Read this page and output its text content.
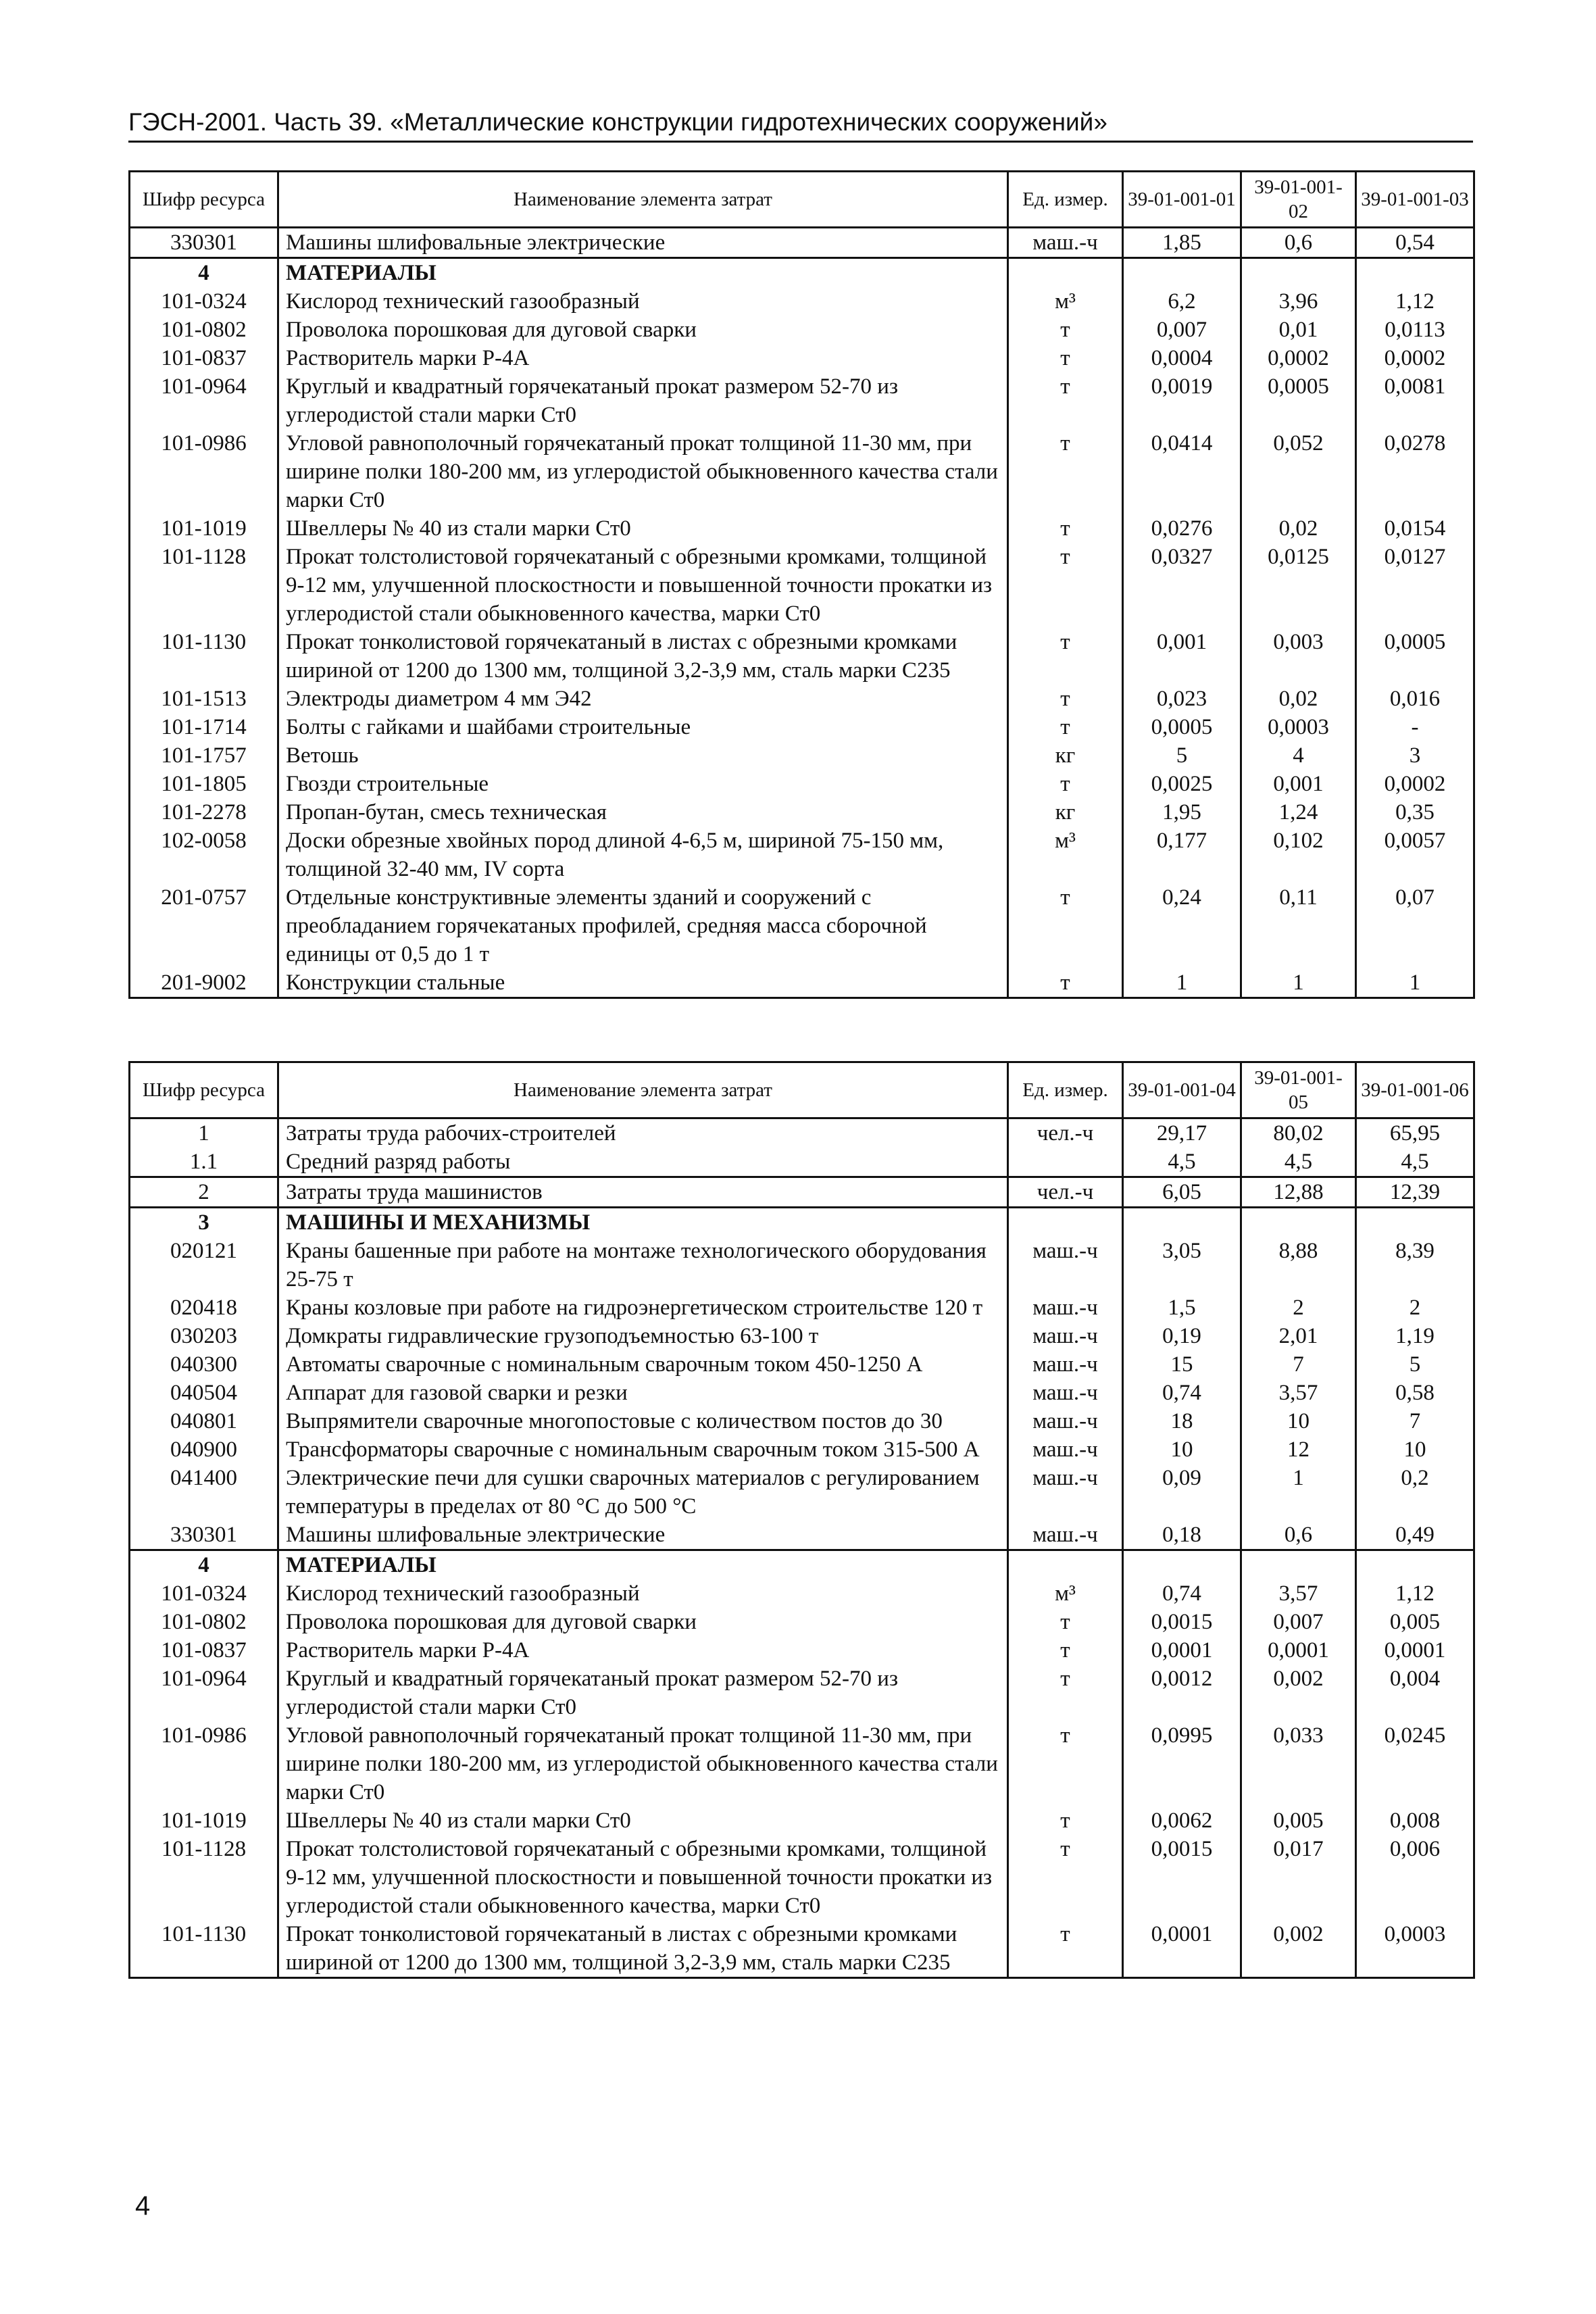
ГЭСН-2001. Часть 39. «Металлические конструкции гидротехнических сооружений»
Шифр ресурса	Наименование элемента затрат	Ед. измер.	39-01-001-01	39-01-001-02	39-01-001-03
330301	Машины шлифовальные электрические	маш.-ч	1,85	0,6	0,54
4	МАТЕРИАЛЫ				
101-0324	Кислород технический газообразный	м³	6,2	3,96	1,12
101-0802	Проволока порошковая для дуговой сварки	т	0,007	0,01	0,0113
101-0837	Растворитель марки Р-4А	т	0,0004	0,0002	0,0002
101-0964	Круглый и квадратный горячекатаный прокат размером 52-70 из углеродистой стали марки Ст0	т	0,0019	0,0005	0,0081
101-0986	Угловой равнополочный горячекатаный прокат толщиной 11-30 мм, при ширине полки 180-200 мм, из углеродистой обыкновенного качества стали марки Ст0	т	0,0414	0,052	0,0278
101-1019	Швеллеры № 40 из стали марки Ст0	т	0,0276	0,02	0,0154
101-1128	Прокат толстолистовой горячекатаный с обрезными кромками, толщиной 9-12 мм, улучшенной плоскостности и повышенной точности прокатки из углеродистой стали обыкновенного качества, марки Ст0	т	0,0327	0,0125	0,0127
101-1130	Прокат тонколистовой горячекатаный в листах с обрезными кромками шириной от 1200 до 1300 мм, толщиной 3,2-3,9 мм, сталь марки С235	т	0,001	0,003	0,0005
101-1513	Электроды диаметром 4 мм Э42	т	0,023	0,02	0,016
101-1714	Болты с гайками и шайбами строительные	т	0,0005	0,0003	-
101-1757	Ветошь	кг	5	4	3
101-1805	Гвозди строительные	т	0,0025	0,001	0,0002
101-2278	Пропан-бутан, смесь техническая	кг	1,95	1,24	0,35
102-0058	Доски обрезные хвойных пород длиной 4-6,5 м, шириной 75-150 мм, толщиной 32-40 мм, IV сорта	м³	0,177	0,102	0,0057
201-0757	Отдельные конструктивные элементы зданий и сооружений с преобладанием горячекатаных профилей, средняя масса сборочной единицы от 0,5 до 1 т	т	0,24	0,11	0,07
201-9002	Конструкции стальные	т	1	1	1
Шифр ресурса	Наименование элемента затрат	Ед. измер.	39-01-001-04	39-01-001-05	39-01-001-06
1	Затраты труда рабочих-строителей	чел.-ч	29,17	80,02	65,95
1.1	Средний разряд работы		4,5	4,5	4,5
2	Затраты труда машинистов	чел.-ч	6,05	12,88	12,39
3	МАШИНЫ И МЕХАНИЗМЫ				
020121	Краны башенные при работе на монтаже технологического оборудования 25-75 т	маш.-ч	3,05	8,88	8,39
020418	Краны козловые при работе на гидроэнергетическом строительстве 120 т	маш.-ч	1,5	2	2
030203	Домкраты гидравлические грузоподъемностью 63-100 т	маш.-ч	0,19	2,01	1,19
040300	Автоматы сварочные с номинальным сварочным током 450-1250 А	маш.-ч	15	7	5
040504	Аппарат для газовой сварки и резки	маш.-ч	0,74	3,57	0,58
040801	Выпрямители сварочные многопостовые с количеством постов до 30	маш.-ч	18	10	7
040900	Трансформаторы сварочные с номинальным сварочным током 315-500 А	маш.-ч	10	12	10
041400	Электрические печи для сушки сварочных материалов с регулированием температуры в пределах от 80 °С до 500 °С	маш.-ч	0,09	1	0,2
330301	Машины шлифовальные электрические	маш.-ч	0,18	0,6	0,49
4	МАТЕРИАЛЫ				
101-0324	Кислород технический газообразный	м³	0,74	3,57	1,12
101-0802	Проволока порошковая для дуговой сварки	т	0,0015	0,007	0,005
101-0837	Растворитель марки Р-4А	т	0,0001	0,0001	0,0001
101-0964	Круглый и квадратный горячекатаный прокат размером 52-70 из углеродистой стали марки Ст0	т	0,0012	0,002	0,004
101-0986	Угловой равнополочный горячекатаный прокат толщиной 11-30 мм, при ширине полки 180-200 мм, из углеродистой обыкновенного качества стали марки Ст0	т	0,0995	0,033	0,0245
101-1019	Швеллеры № 40 из стали марки Ст0	т	0,0062	0,005	0,008
101-1128	Прокат толстолистовой горячекатаный с обрезными кромками, толщиной 9-12 мм, улучшенной плоскостности и повышенной точности прокатки из углеродистой стали обыкновенного качества, марки Ст0	т	0,0015	0,017	0,006
101-1130	Прокат тонколистовой горячекатаный в листах с обрезными кромками шириной от 1200 до 1300 мм, толщиной 3,2-3,9 мм, сталь марки С235	т	0,0001	0,002	0,0003
4
